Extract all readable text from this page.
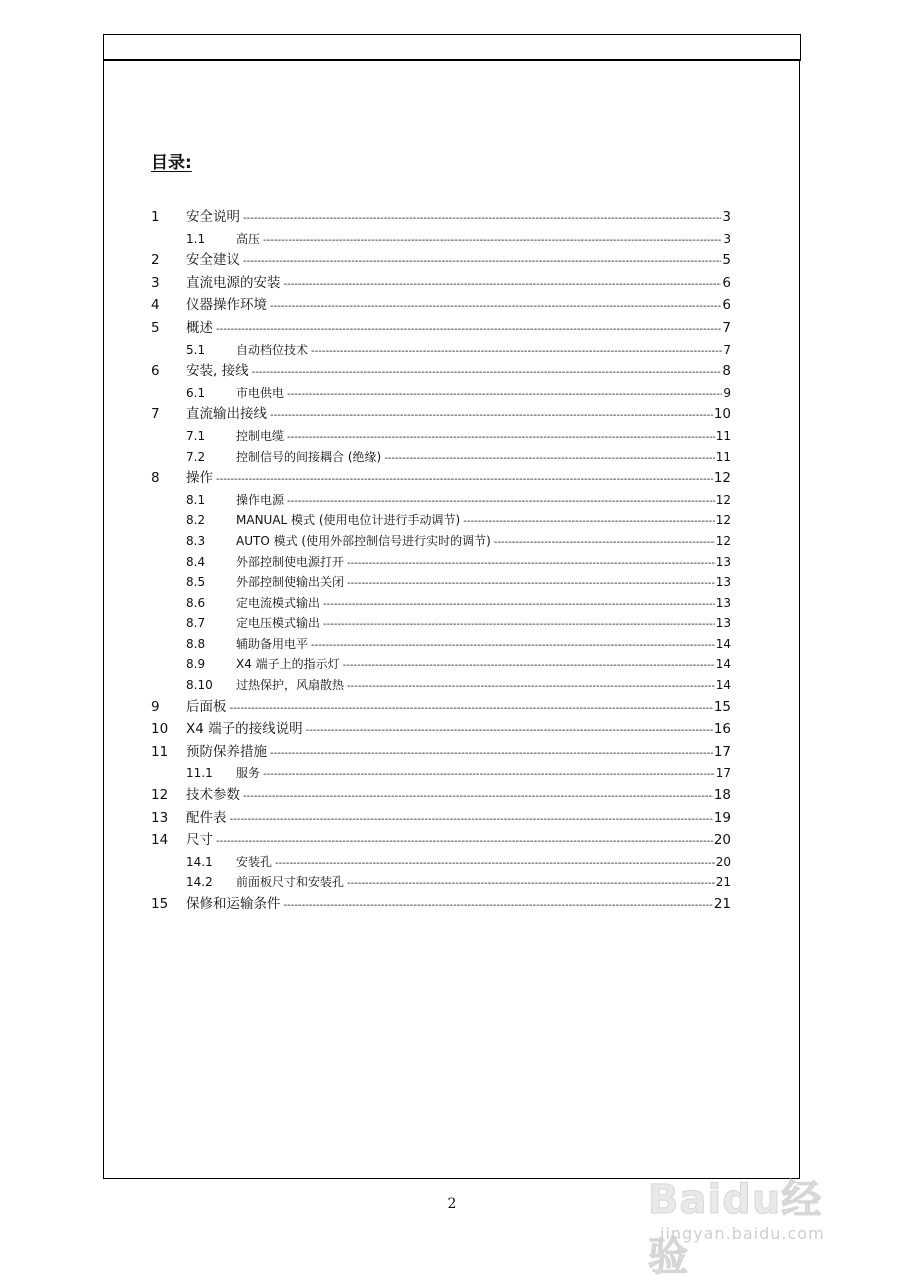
目录:
1	安全说明 -----	3
1.1	高压 -----	3
2	安全建议 -----	5
3	直流电源的安装 -----	6
4	仪器操作环境 -----	6
5	概述 -----	7
5.1	自动档位技术 -----	7
6	安装, 接线 -----	8
6.1	市电供电 -----	9
7	直流输出接线 -----	10
7.1	控制电缆 -----	11
7.2	控制信号的间接耦合 (绝缘) -----	11
8	操作 -----	12
8.1	操作电源 -----	12
8.2	MANUAL 模式 (使用电位计进行手动调节) -----	12
8.3	AUTO 模式 (使用外部控制信号进行实时的调节) -----	12
8.4	外部控制使电源打开 -----	13
8.5	外部控制使输出关闭 -----	13
8.6	定电流模式输出 -----	13
8.7	定电压模式输出 -----	13
8.8	辅助备用电平 -----	14
8.9	X4 端子上的指示灯 -----	14
8.10	过热保护，风扇散热 -----	14
9	后面板 -----	15
10	X4 端子的接线说明 -----	16
11	预防保养措施 -----	17
11.1	服务 -----	17
12	技术参数 -----	18
13	配件表 -----	19
14	尺寸 -----	20
14.1	安装孔 -----	20
14.2	前面板尺寸和安装孔 -----	21
15	保修和运输条件 -----	21
2	Baidu经验
jingyan.baidu.com
